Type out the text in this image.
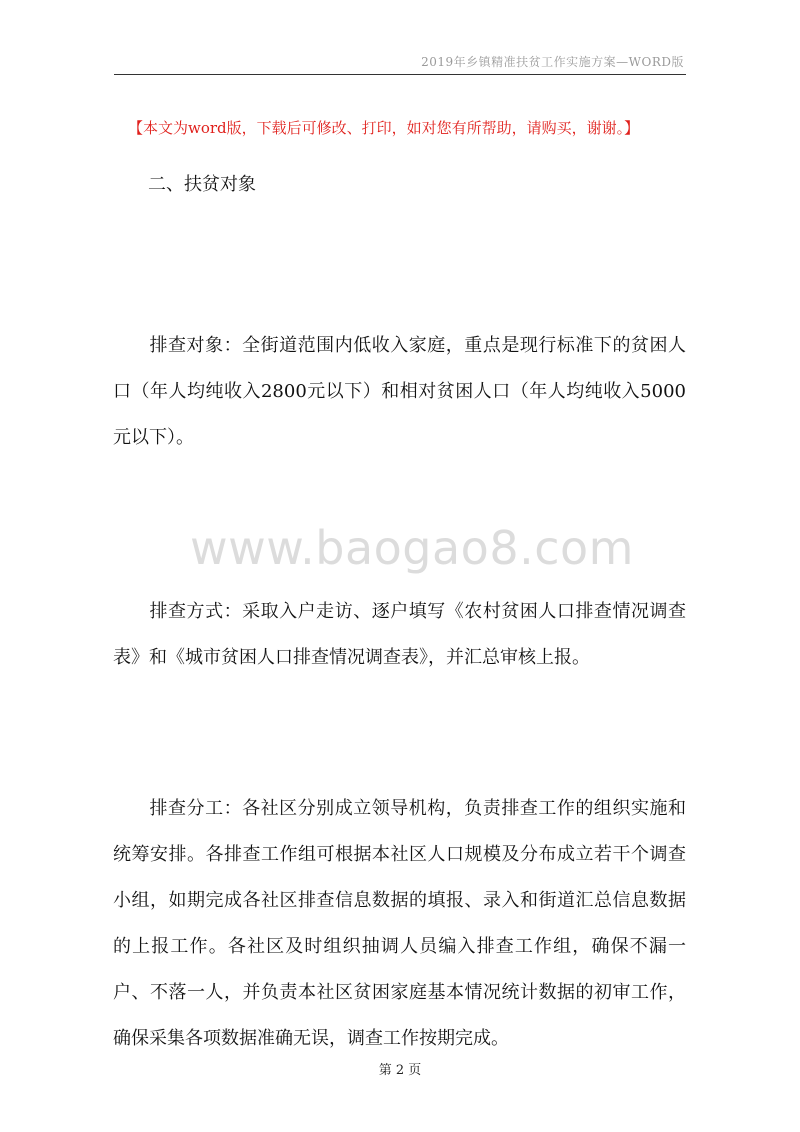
2019年乡镇精准扶贫工作实施方案—WORD版
【本文为word版，下载后可修改、打印，如对您有所帮助，请购买，谢谢。】
二、扶贫对象
排查对象：全街道范围内低收入家庭，重点是现行标准下的贫困人口（年人均纯收入2800元以下）和相对贫困人口（年人均纯收入5000元以下）。
www.baogao8.com
排查方式：采取入户走访、逐户填写《农村贫困人口排查情况调查表》和《城市贫困人口排查情况调查表》，并汇总审核上报。
排查分工：各社区分别成立领导机构，负责排查工作的组织实施和统筹安排。各排查工作组可根据本社区人口规模及分布成立若干个调查小组，如期完成各社区排查信息数据的填报、录入和街道汇总信息数据的上报工作。各社区及时组织抽调人员编入排查工作组，确保不漏一户、不落一人，并负责本社区贫困家庭基本情况统计数据的初审工作，确保采集各项数据准确无误，调查工作按期完成。
第 2 页
